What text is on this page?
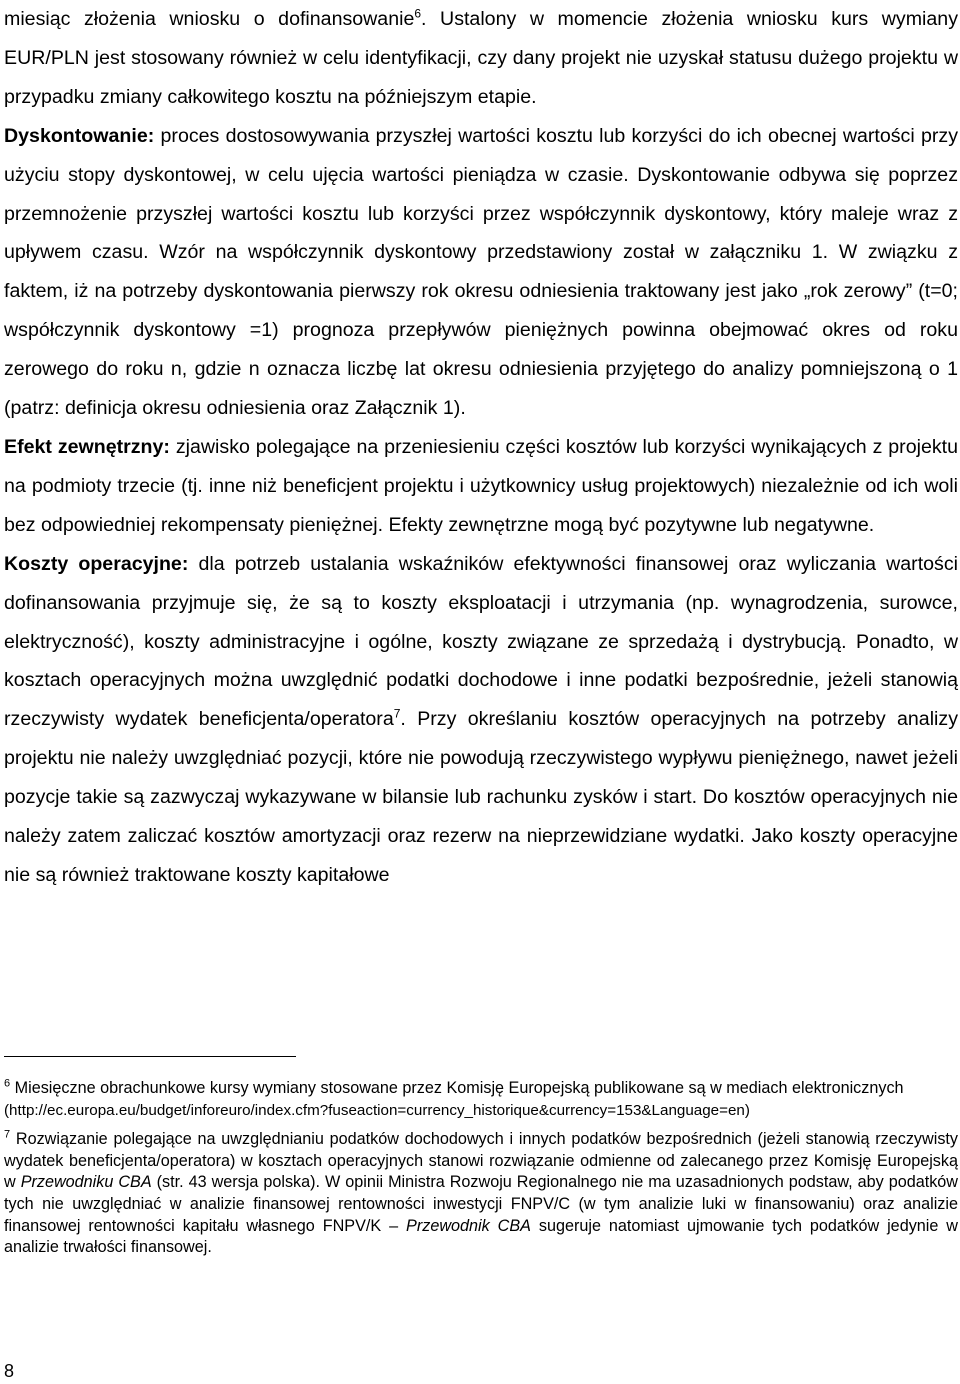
miesiąc złożenia wniosku o dofinansowanie$^6$. Ustalony w momencie złożenia wniosku kurs wymiany EUR/PLN jest stosowany również w celu identyfikacji, czy dany projekt nie uzyskał statusu dużego projektu w przypadku zmiany całkowitego kosztu na późniejszym etapie.

Dyskontowanie: proces dostosowywania przyszłej wartości kosztu lub korzyści do ich obecnej wartości przy użyciu stopy dyskontowej, w celu ujęcia wartości pieniądza w czasie. Dyskontowanie odbywa się poprzez przemnożenie przyszłej wartości kosztu lub korzyści przez współczynnik dyskontowy, który maleje wraz z upływem czasu. Wzór na współczynnik dyskontowy przedstawiony został w załączniku 1. W związku z faktem, iż na potrzeby dyskontowania pierwszy rok okresu odniesienia traktowany jest jako „rok zerowy” (t=0; współczynnik dyskontowy =1) prognoza przepływów pieniężnych powinna obejmować okres od roku zerowego do roku n, gdzie n oznacza liczbę lat okresu odniesienia przyjętego do analizy pomniejszoną o 1 (patrz: definicja okresu odniesienia oraz Załącznik 1).

Efekt zewnętrzny: zjawisko polegające na przeniesieniu części kosztów lub korzyści wynikających z projektu na podmioty trzecie (tj. inne niż beneficjent projektu i użytkownicy usług projektowych) niezależnie od ich woli bez odpowiedniej rekompensaty pieniężnej. Efekty zewnętrzne mogą być pozytywne lub negatywne.

Koszty operacyjne: dla potrzeb ustalania wskaźników efektywności finansowej oraz wyliczania wartości dofinansowania przyjmuje się, że są to koszty eksploatacji i utrzymania (np. wynagrodzenia, surowce, elektryczność), koszty administracyjne i ogólne, koszty związane ze sprzedażą i dystrybucją. Ponadto, w kosztach operacyjnych można uwzględnić podatki dochodowe i inne podatki bezpośrednie, jeżeli stanowią rzeczywisty wydatek beneficjenta/operatora$^7$. Przy określaniu kosztów operacyjnych na potrzeby analizy projektu nie należy uwzględniać pozycji, które nie powodują rzeczywistego wypływu pieniężnego, nawet jeżeli pozycje takie są zazwyczaj wykazywane w bilansie lub rachunku zysków i start. Do kosztów operacyjnych nie należy zatem zaliczać kosztów amortyzacji oraz rezerw na nieprzewidziane wydatki. Jako koszty operacyjne nie są również traktowane koszty kapitałowe

$^6$ Miesięczne obrachunkowe kursy wymiany stosowane przez Komisję Europejską publikowane są w mediach elektronicznych
(http://ec.europa.eu/budget/inforeuro/index.cfm?fuseaction=currency_historique&currency=153&Language=en)
$^7$ Rozwiązanie polegające na uwzględnianiu podatków dochodowych i innych podatków bezpośrednich (jeżeli stanowią rzeczywisty wydatek beneficjenta/operatora) w kosztach operacyjnych stanowi rozwiązanie odmienne od zalecanego przez Komisję Europejską w Przewodniku CBA (str. 43 wersja polska). W opinii Ministra Rozwoju Regionalnego nie ma uzasadnionych podstaw, aby podatków tych nie uwzględniać w analizie finansowej rentowności inwestycji FNPV/C (w tym analizie luki w finansowaniu) oraz analizie finansowej rentowności kapitału własnego FNPV/K – Przewodnik CBA sugeruje natomiast ujmowanie tych podatków jedynie w analizie trwałości finansowej.
8
